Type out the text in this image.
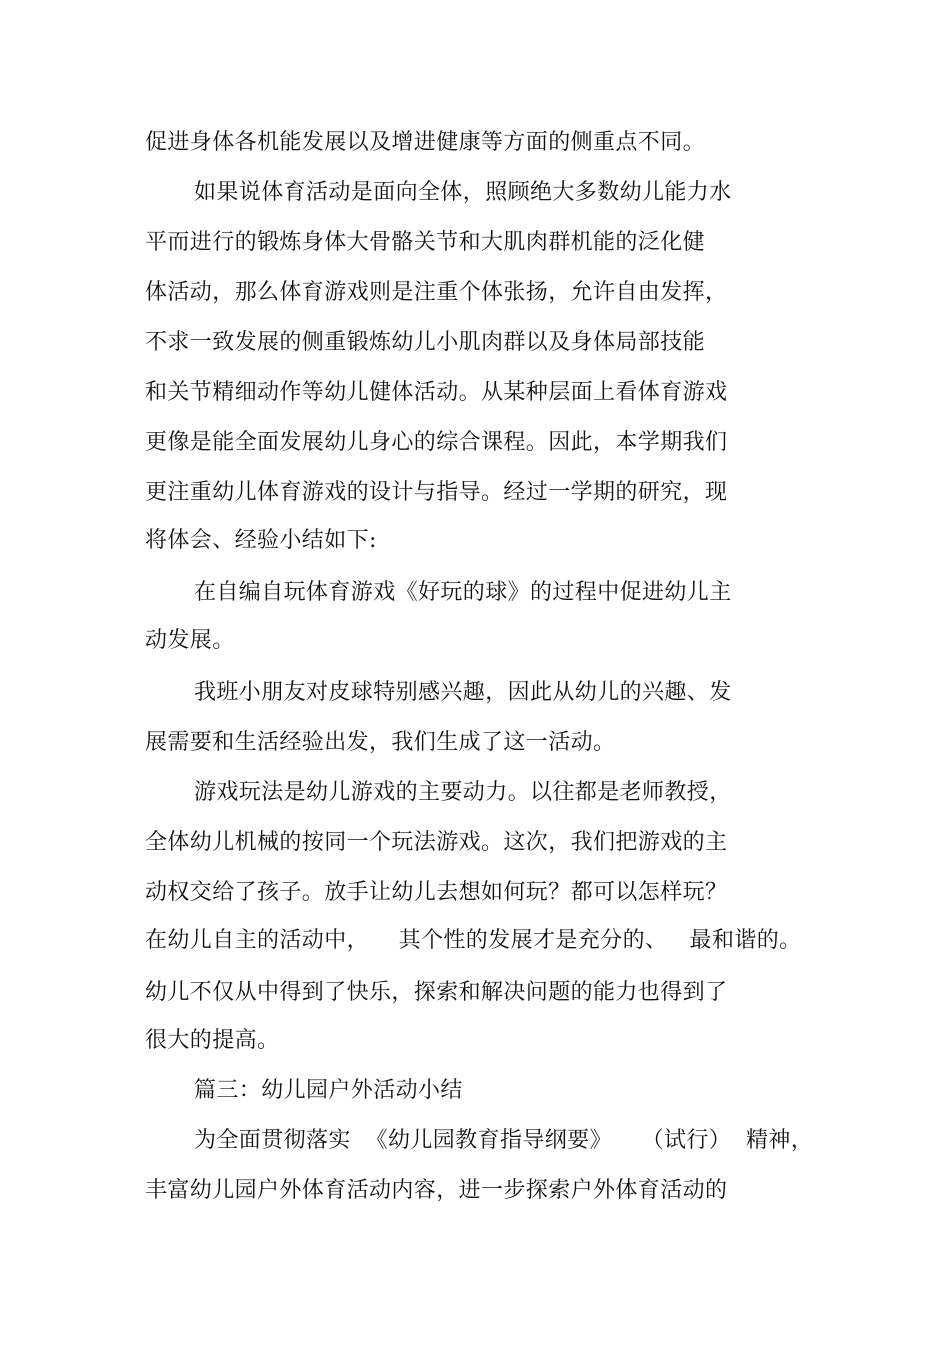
促进身体各机能发展以及增进健康等方面的侧重点不同。
如果说体育活动是面向全体，照顾绝大多数幼儿能力水
平而进行的锻炼身体大骨骼关节和大肌肉群机能的泛化健
体活动，那么体育游戏则是注重个体张扬，允许自由发挥，
不求一致发展的侧重锻炼幼儿小肌肉群以及身体局部技能
和关节精细动作等幼儿健体活动。从某种层面上看体育游戏
更像是能全面发展幼儿身心的综合课程。因此，本学期我们
更注重幼儿体育游戏的设计与指导。经过一学期的研究，现
将体会、经验小结如下:
在自编自玩体育游戏《好玩的球》的过程中促进幼儿主
动发展。
我班小朋友对皮球特别感兴趣，因此从幼儿的兴趣、发
展需要和生活经验出发，我们生成了这一活动。
游戏玩法是幼儿游戏的主要动力。以往都是老师教授，
全体幼儿机械的按同一个玩法游戏。这次，我们把游戏的主
动权交给了孩子。放手让幼儿去想如何玩？都可以怎样玩？
在幼儿自主的活动中，    其个性的发展才是充分的、   最和谐的。
幼儿不仅从中得到了快乐，探索和解决问题的能力也得到了
很大的提高。
篇三：幼儿园户外活动小结
为全面贯彻落实  《幼儿园教育指导纲要》    （试行）  精神，
丰富幼儿园户外体育活动内容，进一步探索户外体育活动的
